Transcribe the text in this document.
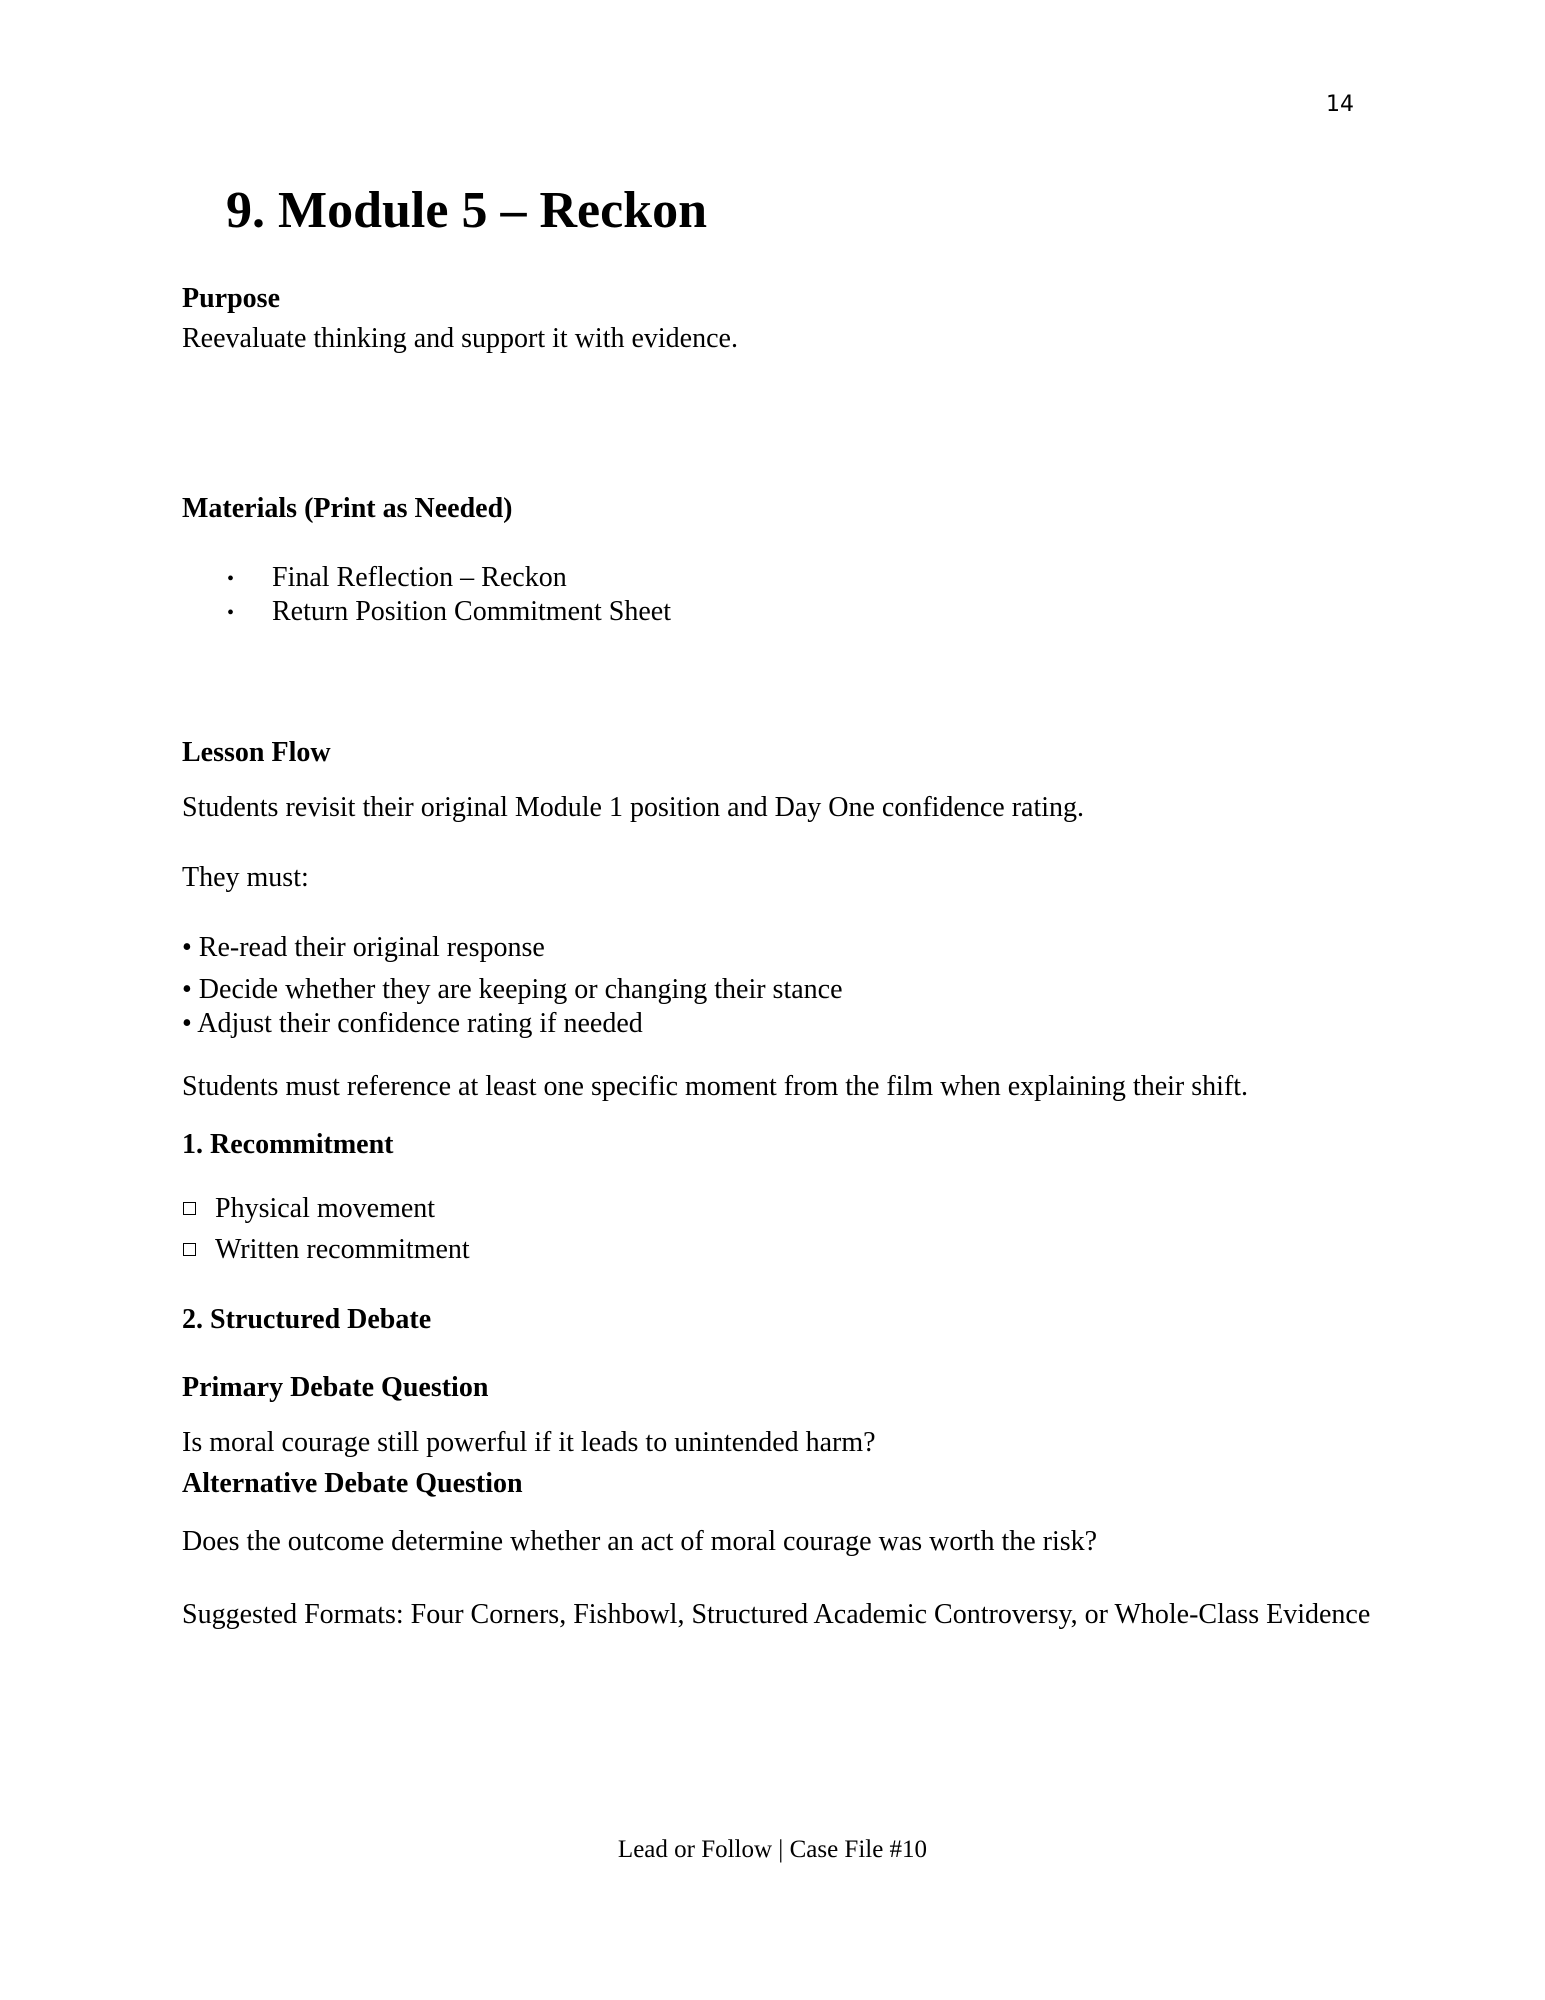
14
9. Module 5 – Reckon
Purpose
Reevaluate thinking and support it with evidence.
Materials (Print as Needed)
• Final Reflection – Reckon
• Return Position Commitment Sheet
Lesson Flow
Students revisit their original Module 1 position and Day One confidence rating.
They must:
• Re-read their original response
• Decide whether they are keeping or changing their stance
• Adjust their confidence rating if needed
Students must reference at least one specific moment from the film when explaining their shift.
1. Recommitment
Physical movement
Written recommitment
2. Structured Debate
Primary Debate Question
Is moral courage still powerful if it leads to unintended harm?
Alternative Debate Question
Does the outcome determine whether an act of moral courage was worth the risk?
Suggested Formats: Four Corners, Fishbowl, Structured Academic Controversy, or Whole-Class Evidence
Lead or Follow | Case File #10
